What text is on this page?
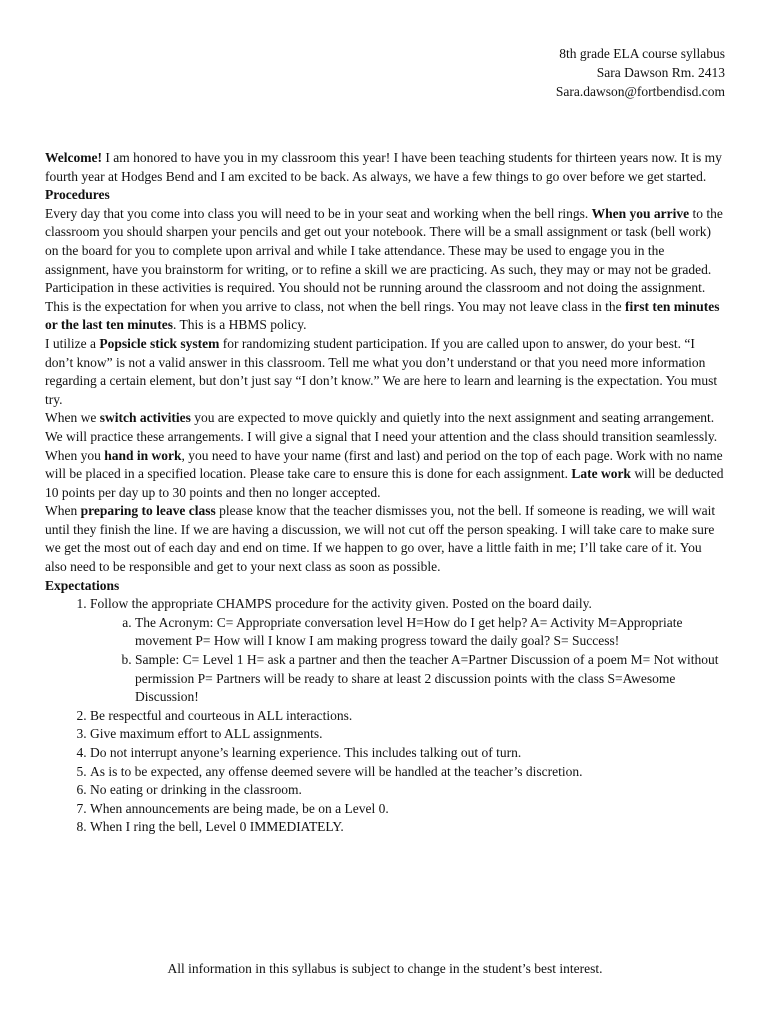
8th grade ELA course syllabus
Sara Dawson Rm. 2413
Sara.dawson@fortbendisd.com

Welcome! I am honored to have you in my classroom this year! I have been teaching students for thirteen years now. It is my fourth year at Hodges Bend and I am excited to be back. As always, we have a few things to go over before we get started.

Procedures

Every day that you come into class you will need to be in your seat and working when the bell rings. When you arrive to the classroom you should sharpen your pencils and get out your notebook. There will be a small assignment or task (bell work) on the board for you to complete upon arrival and while I take attendance. These may be used to engage you in the assignment, have you brainstorm for writing, or to refine a skill we are practicing. As such, they may or may not be graded. Participation in these activities is required. You should not be running around the classroom and not doing the assignment. This is the expectation for when you arrive to class, not when the bell rings. You may not leave class in the first ten minutes or the last ten minutes. This is a HBMS policy.

I utilize a Popsicle stick system for randomizing student participation. If you are called upon to answer, do your best. “I don’t know” is not a valid answer in this classroom. Tell me what you don’t understand or that you need more information regarding a certain element, but don’t just say “I don’t know.” We are here to learn and learning is the expectation. You must try.

When we switch activities you are expected to move quickly and quietly into the next assignment and seating arrangement. We will practice these arrangements. I will give a signal that I need your attention and the class should transition seamlessly.

When you hand in work, you need to have your name (first and last) and period on the top of each page. Work with no name will be placed in a specified location. Please take care to ensure this is done for each assignment. Late work will be deducted 10 points per day up to 30 points and then no longer accepted.

When preparing to leave class please know that the teacher dismisses you, not the bell. If someone is reading, we will wait until they finish the line. If we are having a discussion, we will not cut off the person speaking. I will take care to make sure we get the most out of each day and end on time. If we happen to go over, have a little faith in me; I’ll take care of it. You also need to be responsible and get to your next class as soon as possible.

Expectations

1. Follow the appropriate CHAMPS procedure for the activity given. Posted on the board daily.
a. The Acronym: C= Appropriate conversation level H=How do I get help? A= Activity M=Appropriate movement P= How will I know I am making progress toward the daily goal? S= Success!
b. Sample: C= Level 1 H= ask a partner and then the teacher A=Partner Discussion of a poem M= Not without permission P= Partners will be ready to share at least 2 discussion points with the class S=Awesome Discussion!
2. Be respectful and courteous in ALL interactions.
3. Give maximum effort to ALL assignments.
4. Do not interrupt anyone’s learning experience. This includes talking out of turn.
5. As is to be expected, any offense deemed severe will be handled at the teacher’s discretion.
6. No eating or drinking in the classroom.
7. When announcements are being made, be on a Level 0.
8. When I ring the bell, Level 0 IMMEDIATELY.
All information in this syllabus is subject to change in the student’s best interest.
